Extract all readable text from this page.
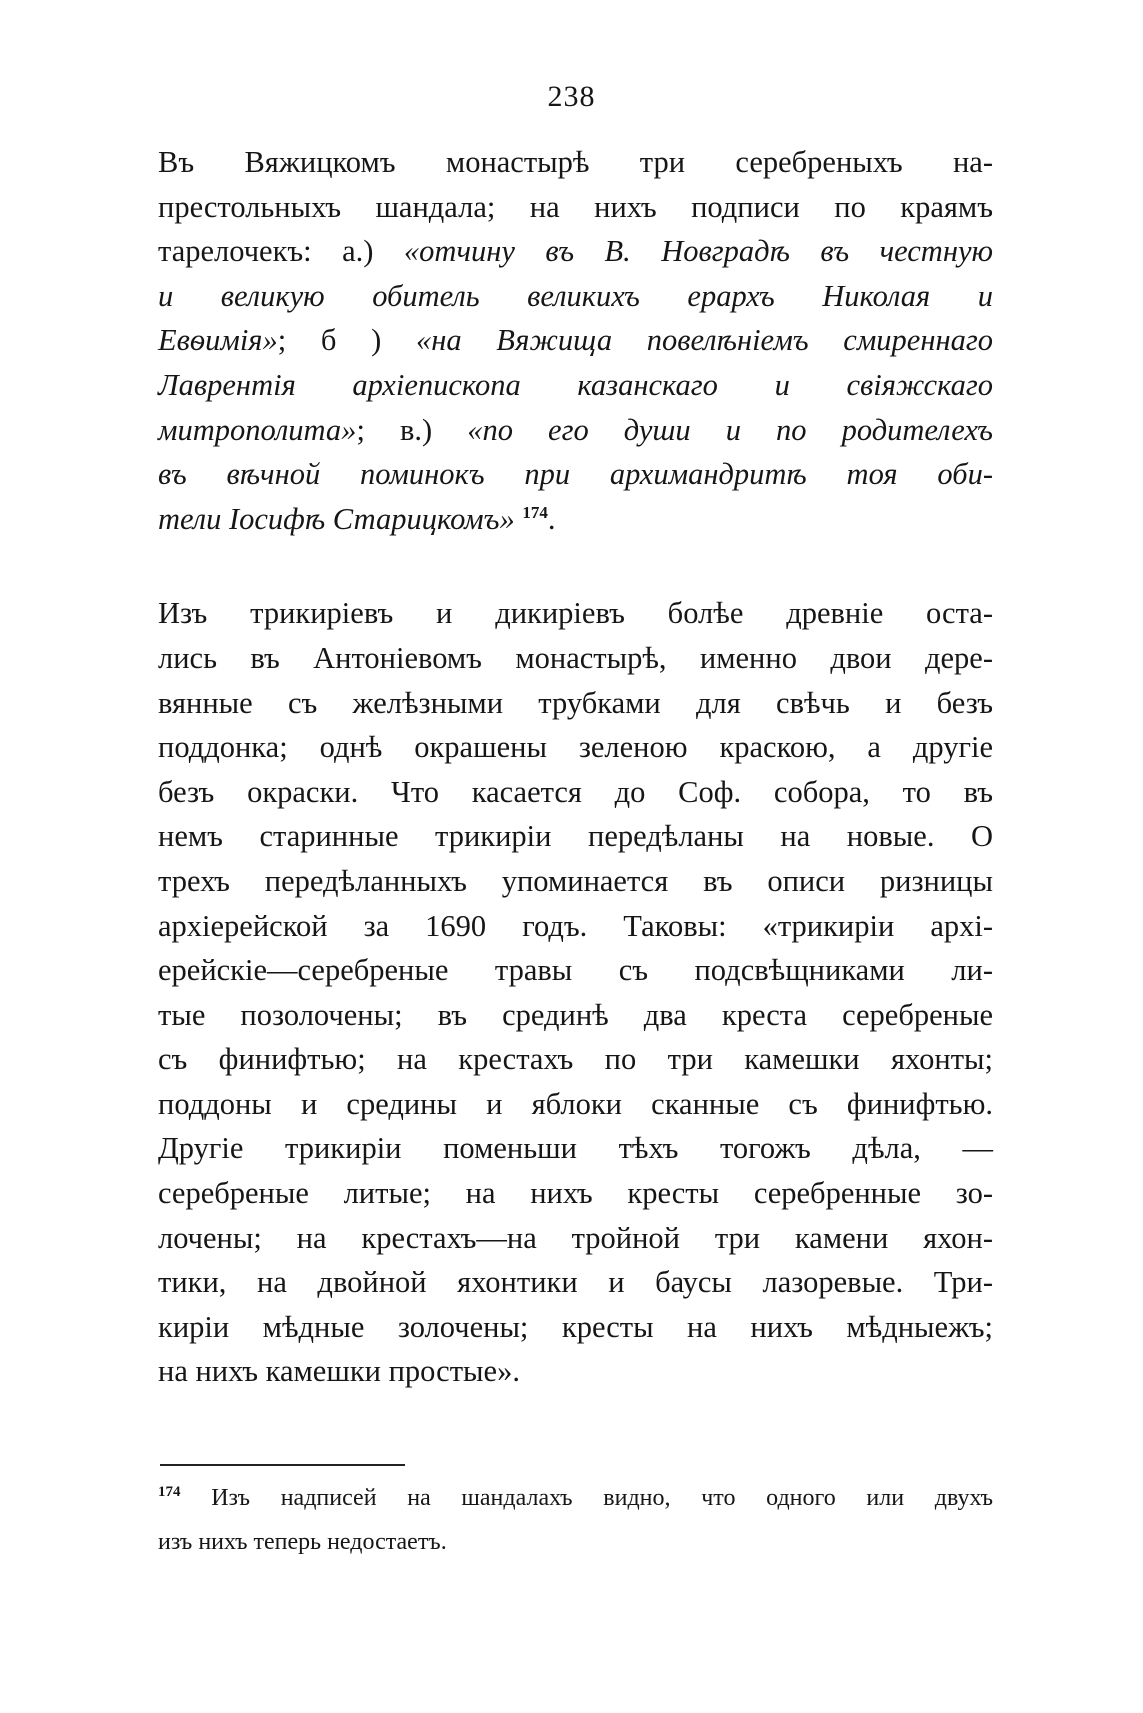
238
Въ Вяжицкомъ монастырѣ три серебреныхъ на-
престольныхъ шандала; на нихъ подписи по краямъ
тарелочекъ: а.) «отчину въ В. Новградѣ въ честную
и великую обитель великихъ ерархъ Николая и
Евѳимія»; б ) «на Вяжища повелѣніемъ смиреннаго
Лаврентія архіепископа казанскаго и свіяжскаго
митрополита»; в.) «по его души и по родителехъ
въ вѣчной поминокъ при архимандритѣ тоя оби-
тели Іосифѣ Старицкомъ» $^{174}$.
Изъ трикиріевъ и дикиріевъ болѣе древніе оста-
лись въ Антоніевомъ монастырѣ, именно двои дере-
вянные съ желѣзными трубками для свѣчь и безъ
поддонка; однѣ окрашены зеленою краскою, а другіе
безъ окраски. Что касается до Соф. собора, то въ
немъ старинные трикиріи передѣланы на новые. О
трехъ передѣланныхъ упоминается въ описи ризницы
архіерейской за 1690 годъ. Таковы: «трикиріи архі-
ерейскіе—серебреные травы съ подсвѣщниками ли-
тые позолочены; въ срединѣ два креста серебреные
съ финифтью; на крестахъ по три камешки яхонты;
поддоны и средины и яблоки сканные съ финифтью.
Другіе трикиріи поменьши тѣхъ тогожъ дѣла, —
серебреные литые; на нихъ кресты серебренные зо-
лочены; на крестахъ—на тройной три камени яхон-
тики, на двойной яхонтики и баусы лазоревые. Три-
киріи мѣдные золочены; кресты на нихъ мѣдныежъ;
на нихъ камешки простые».
$^{174}$ Изъ надписей на шандалахъ видно, что одного или двухъ
изъ нихъ теперь недостаетъ.
